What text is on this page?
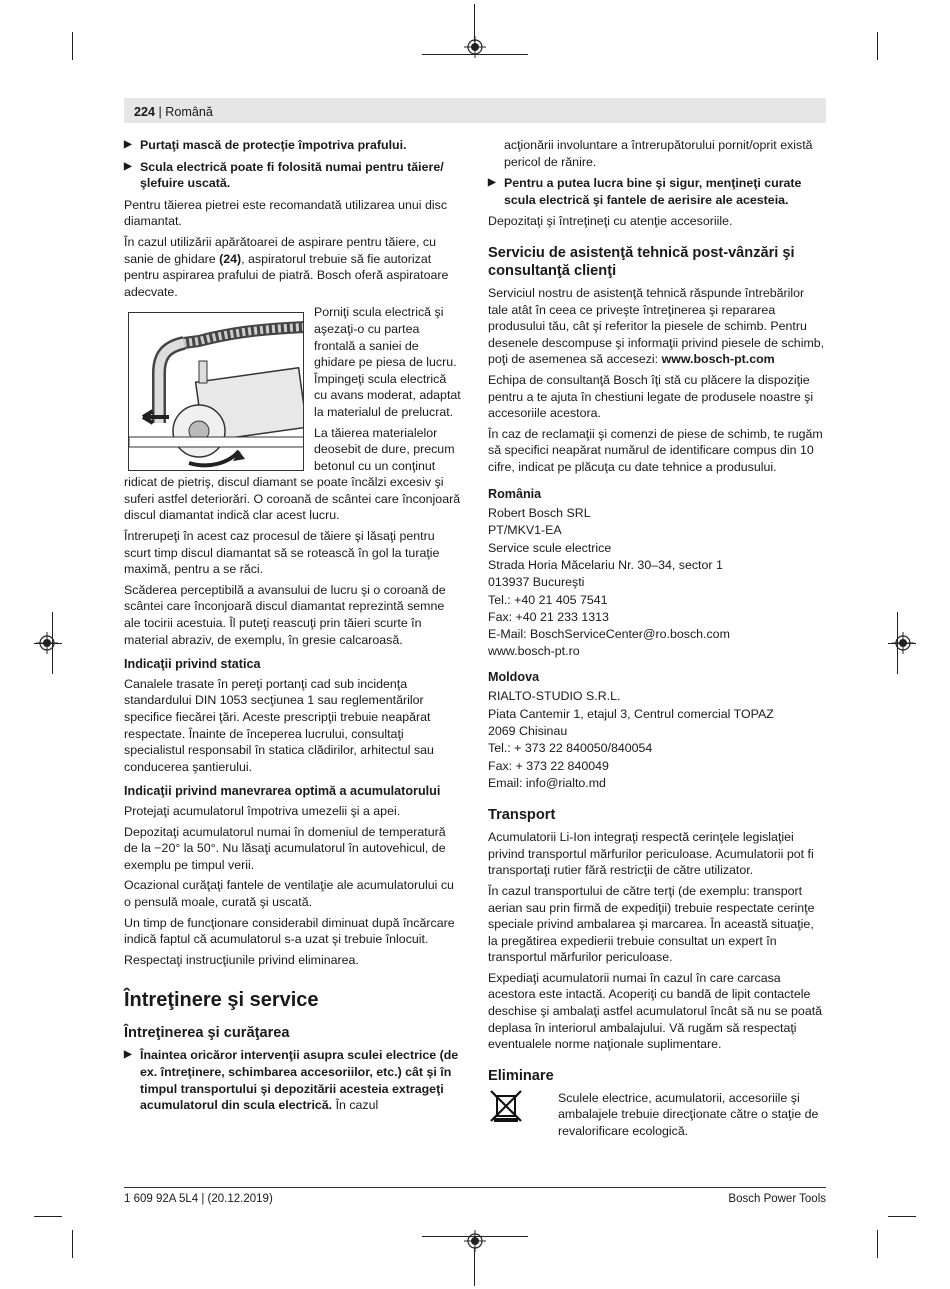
224 | Română
▶ Purtaţi mască de protecţie împotriva prafului.
▶ Scula electrică poate fi folosită numai pentru tăiere/ şlefuire uscată.

Pentru tăierea pietrei este recomandată utilizarea unui disc diamantat.

În cazul utilizării apărătoarei de aspirare pentru tăiere, cu sanie de ghidare (24), aspiratorul trebuie să fie autorizat pentru aspirarea prafului de piatră. Bosch oferă aspiratoare adecvate.

Porniţi scula electrică şi aşezaţi-o cu partea frontală a saniei de ghidare pe piesa de lucru. Împingeţi scula electrică cu avans moderat, adaptat la materialul de prelucrat.

La tăierea materialelor deosebit de dure, precum betonul cu un conţinut ridicat de pietriş, discul diamant se poate încălzi excesiv şi suferi astfel deteriorări. O coroană de scântei care înconjoară discul diamantat indică clar acest lucru.

Întrerupeţi în acest caz procesul de tăiere şi lăsaţi pentru scurt timp discul diamantat să se rotească în gol la turaţie maximă, pentru a se răci.

Scăderea perceptibilă a avansului de lucru şi o coroană de scântei care înconjoară discul diamantat reprezintă semne ale tocirii acestuia. Îl puteţi reascuţi prin tăieri scurte în material abraziv, de exemplu, în gresie calcaroasă.

Indicaţii privind statica

Canalele trasate în pereţi portanţi cad sub incidenţa standardului DIN 1053 secţiunea 1 sau reglementărilor specifice fiecărei ţări. Aceste prescripţii trebuie neapărat respectate. Înainte de începerea lucrului, consultaţi specialistul responsabil în statica clădirilor, arhitectul sau conducerea şantierului.

Indicaţii privind manevrarea optimă a acumulatorului

Protejaţi acumulatorul împotriva umezelii şi a apei.

Depozitaţi acumulatorul numai în domeniul de temperatură de la −20° la 50°. Nu lăsaţi acumulatorul în autovehicul, de exemplu pe timpul verii.

Ocazional curăţaţi fantele de ventilaţie ale acumulatorului cu o pensulă moale, curată şi uscată.

Un timp de funcţionare considerabil diminuat după încărcare indică faptul că acumulatorul s-a uzat şi trebuie înlocuit.

Respectaţi instrucţiunile privind eliminarea.

Întreţinere şi service
Întreţinerea şi curăţarea
▶ Înaintea oricăror intervenţii asupra sculei electrice (de ex. întreţinere, schimbarea accesoriilor, etc.) cât şi în timpul transportului şi depozitării acesteia extrageţi acumulatorul din scula electrică. În cazul

acţionării involuntare a întrerupătorului pornit/oprit există pericol de rănire.

▶ Pentru a putea lucra bine şi sigur, menţineţi curate scula electrică şi fantele de aerisire ale acesteia.

Depozitaţi şi întreţineţi cu atenţie accesoriile.

Serviciu de asistenţă tehnică post-vânzări şi consultanţă clienţi

Serviciul nostru de asistenţă tehnică răspunde întrebărilor tale atât în ceea ce priveşte întreţinerea şi repararea produsului tău, cât şi referitor la piesele de schimb. Pentru desenele descompuse şi informaţii privind piesele de schimb, poţi de asemenea să accesezi: www.bosch-pt.com

Echipa de consultanţă Bosch îţi stă cu plăcere la dispoziţie pentru a te ajuta în chestiuni legate de produsele noastre şi accesoriile acestora.

În caz de reclamaţii şi comenzi de piese de schimb, te rugăm să specifici neapărat numărul de identificare compus din 10 cifre, indicat pe plăcuţa cu date tehnice a produsului.

România
Robert Bosch SRL
PT/MKV1-EA
Service scule electrice
Strada Horia Măcelariu Nr. 30–34, sector 1
013937 Bucureşti
Tel.: +40 21 405 7541
Fax: +40 21 233 1313
E-Mail: BoschServiceCenter@ro.bosch.com
www.bosch-pt.ro
Moldova
RIALTO-STUDIO S.R.L.
Piata Cantemir 1, etajul 3, Centrul comercial TOPAZ
2069 Chisinau
Tel.: + 373 22 840050/840054
Fax: + 373 22 840049
Email: info@rialto.md
Transport

Acumulatorii Li-Ion integraţi respectă cerinţele legislaţiei privind transportul mărfurilor periculoase. Acumulatorii pot fi transportaţi rutier fără restricţii de către utilizator.

În cazul transportului de către terţi (de exemplu: transport aerian sau prin firmă de expediţii) trebuie respectate cerinţe speciale privind ambalarea şi marcarea. În această situaţie, la pregătirea expedierii trebuie consultat un expert în transportul mărfurilor periculoase.

Expediaţi acumulatorii numai în cazul în care carcasa acestora este intactă. Acoperiţi cu bandă de lipit contactele deschise şi ambalaţi astfel acumulatorul încât să nu se poată deplasa în interiorul ambalajului. Vă rugăm să respectaţi eventualele norme naţionale suplimentare.

Eliminare

Sculele electrice, acumulatorii, accesoriile şi ambalajele trebuie direcţionate către o staţie de revalorificare ecologică.

1 609 92A 5L4 | (20.12.2019)	Bosch Power Tools
